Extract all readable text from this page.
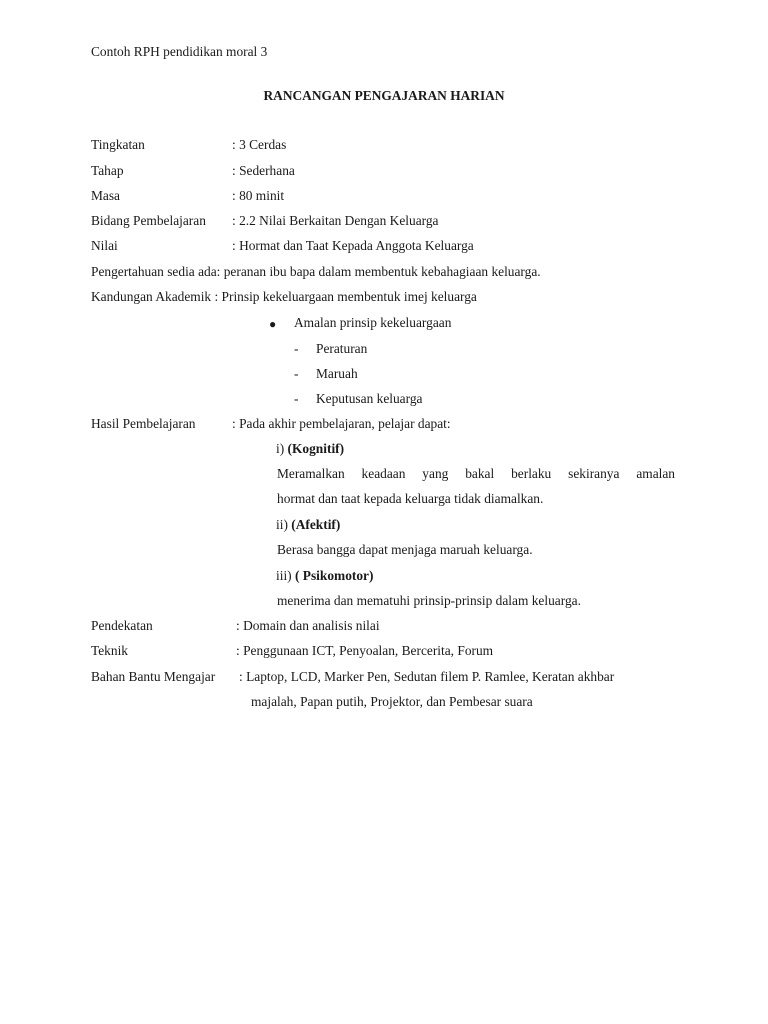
Contoh RPH pendidikan moral 3
RANCANGAN PENGAJARAN HARIAN
Tingkatan	: 3 Cerdas
Tahap	: Sederhana
Masa	: 80 minit
Bidang Pembelajaran : 2.2 Nilai Berkaitan Dengan Keluarga
Nilai	: Hormat dan Taat Kepada Anggota Keluarga
Pengertahuan sedia ada: peranan ibu bapa dalam membentuk kebahagiaan keluarga.
Kandungan Akademik : Prinsip kekeluargaan membentuk imej keluarga
● Amalan prinsip kekeluargaan
- Peraturan
- Maruah
- Keputusan keluarga
Hasil Pembelajaran	: Pada akhir pembelajaran, pelajar dapat:
i) (Kognitif)
Meramalkan keadaan yang bakal berlaku sekiranya amalan
hormat dan taat kepada keluarga tidak diamalkan.
ii) (Afektif)
Berasa bangga dapat menjaga maruah keluarga.
iii) ( Psikomotor)
menerima dan mematuhi prinsip-prinsip dalam keluarga.
Pendekatan	: Domain dan analisis nilai
Teknik	: Penggunaan ICT, Penyoalan, Bercerita, Forum
Bahan Bantu Mengajar : Laptop, LCD, Marker Pen, Sedutan filem P. Ramlee, Keratan akhbar
majalah, Papan putih, Projektor, dan Pembesar suara
